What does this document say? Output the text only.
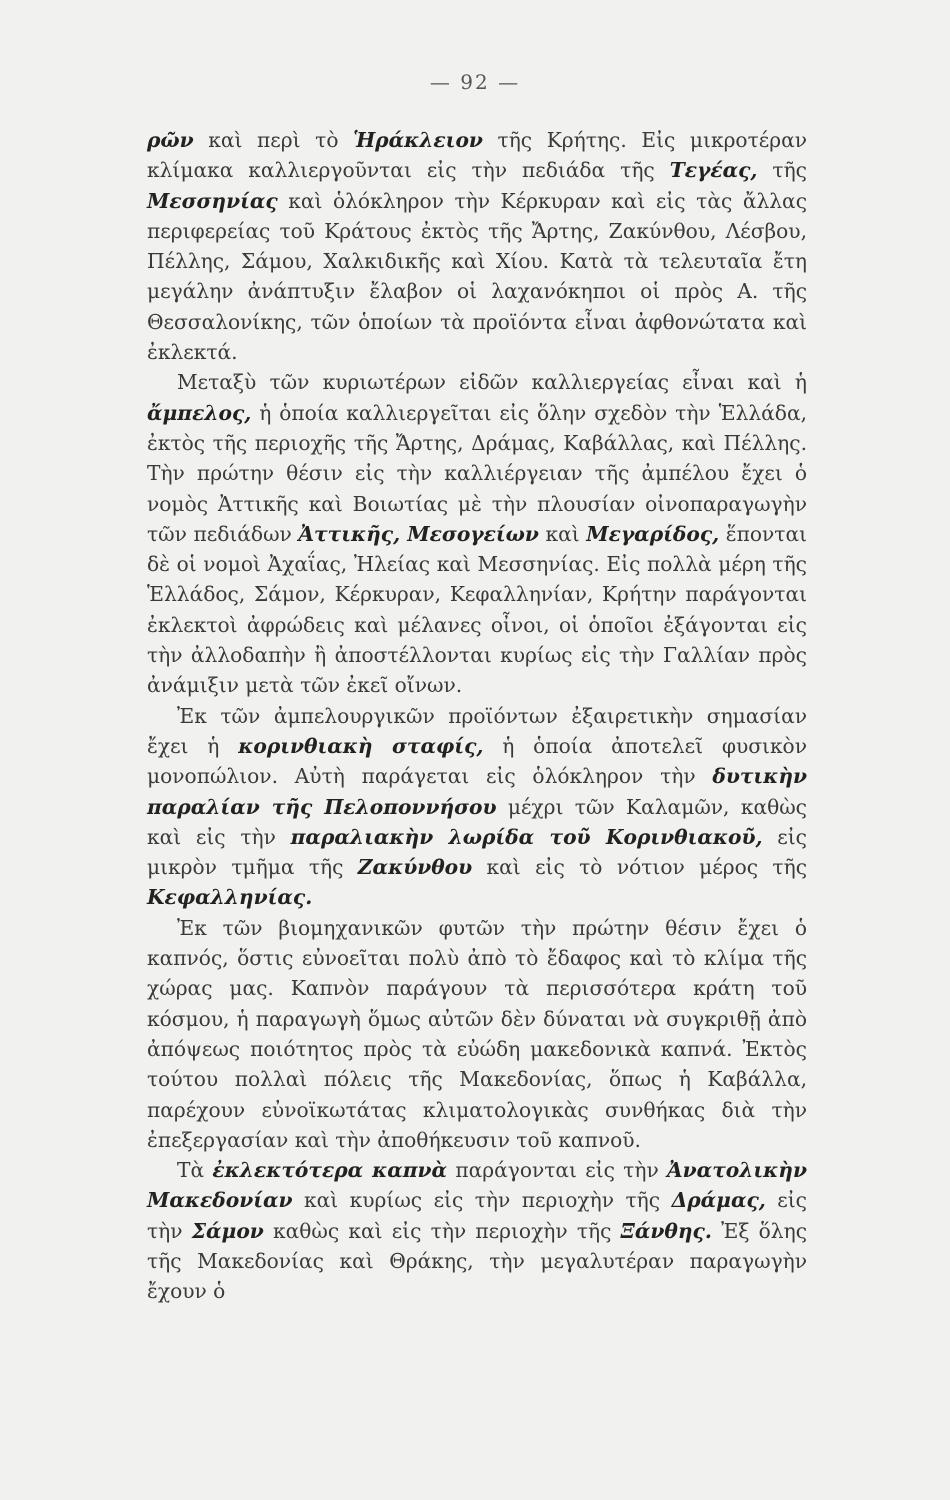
— 92 —

ρῶν καὶ περὶ τὸ Ἡράκλειον τῆς Κρήτης. Εἰς μικροτέραν κλίμακα καλλιεργοῦνται εἰς τὴν πεδιάδα τῆς Τεγέας, τῆς Μεσσηνίας καὶ ὁλόκληρον τὴν Κέρκυραν καὶ εἰς τὰς ἄλλας περιφερείας τοῦ Κράτους ἐκτὸς τῆς Ἄρτης, Ζακύνθου, Λέσβου, Πέλλης, Σάμου, Χαλκιδικῆς καὶ Χίου. Κατὰ τὰ τελευταῖα ἔτη μεγάλην ἀνάπτυξιν ἔλαβον οἱ λαχανόκηποι οἱ πρὸς Α. τῆς Θεσσαλονίκης, τῶν ὁποίων τὰ προϊόντα εἶναι ἀφθονώτατα καὶ ἐκλεκτά.

Μεταξὺ τῶν κυριωτέρων εἰδῶν καλλιεργείας εἶναι καὶ ἡ ἄμπελος, ἡ ὁποία καλλιεργεῖται εἰς ὅλην σχεδὸν τὴν Ἑλλάδα, ἐκτὸς τῆς περιοχῆς τῆς Ἄρτης, Δράμας, Καβάλλας, καὶ Πέλλης. Τὴν πρώτην θέσιν εἰς τὴν καλλιέργειαν τῆς ἀμπέλου ἔχει ὁ νομὸς Ἀττικῆς καὶ Βοιωτίας μὲ τὴν πλουσίαν οἰνοπαραγωγὴν τῶν πεδιάδων Ἀττικῆς, Μεσογείων καὶ Μεγαρίδος, ἕπονται δὲ οἱ νομοὶ Ἀχαΐας, Ἠλείας καὶ Μεσσηνίας. Εἰς πολλὰ μέρη τῆς Ἑλλάδος, Σάμον, Κέρκυραν, Κεφαλληνίαν, Κρήτην παράγονται ἐκλεκτοὶ ἀφρώδεις καὶ μέλανες οἶνοι, οἱ ὁποῖοι ἐξάγονται εἰς τὴν ἀλλοδαπὴν ἢ ἀποστέλλονται κυρίως εἰς τὴν Γαλλίαν πρὸς ἀνάμιξιν μετὰ τῶν ἐκεῖ οἴνων.

Ἐκ τῶν ἀμπελουργικῶν προϊόντων ἐξαιρετικὴν σημασίαν ἔχει ἡ κορινθιακὴ σταφίς, ἡ ὁποία ἀποτελεῖ φυσικὸν μονοπώλιον. Αὐτὴ παράγεται εἰς ὁλόκληρον τὴν δυτικὴν παραλίαν τῆς Πελοποννήσου μέχρι τῶν Καλαμῶν, καθὼς καὶ εἰς τὴν παραλιακὴν λωρίδα τοῦ Κορινθιακοῦ, εἰς μικρὸν τμῆμα τῆς Ζακύνθου καὶ εἰς τὸ νότιον μέρος τῆς Κεφαλληνίας.

Ἐκ τῶν βιομηχανικῶν φυτῶν τὴν πρώτην θέσιν ἔχει ὁ καπνός, ὅστις εὐνοεῖται πολὺ ἀπὸ τὸ ἔδαφος καὶ τὸ κλίμα τῆς χώρας μας. Καπνὸν παράγουν τὰ περισσότερα κράτη τοῦ κόσμου, ἡ παραγωγὴ ὅμως αὐτῶν δὲν δύναται νὰ συγκριθῇ ἀπὸ ἀπόψεως ποιότητος πρὸς τὰ εὐώδη μακεδονικὰ καπνά. Ἐκτὸς τούτου πολλαὶ πόλεις τῆς Μακεδονίας, ὅπως ἡ Καβάλλα, παρέχουν εὐνοϊκωτάτας κλιματολογικὰς συνθήκας διὰ τὴν ἐπεξεργασίαν καὶ τὴν ἀποθήκευσιν τοῦ καπνοῦ.

Τὰ ἐκλεκτότερα καπνὰ παράγονται εἰς τὴν Ἀνατολικὴν Μακεδονίαν καὶ κυρίως εἰς τὴν περιοχὴν τῆς Δράμας, εἰς τὴν Σάμον καθὼς καὶ εἰς τὴν περιοχὴν τῆς Ξάνθης. Ἐξ ὅλης τῆς Μακεδονίας καὶ Θράκης, τὴν μεγαλυτέραν παραγωγὴν ἔχουν ὁ
